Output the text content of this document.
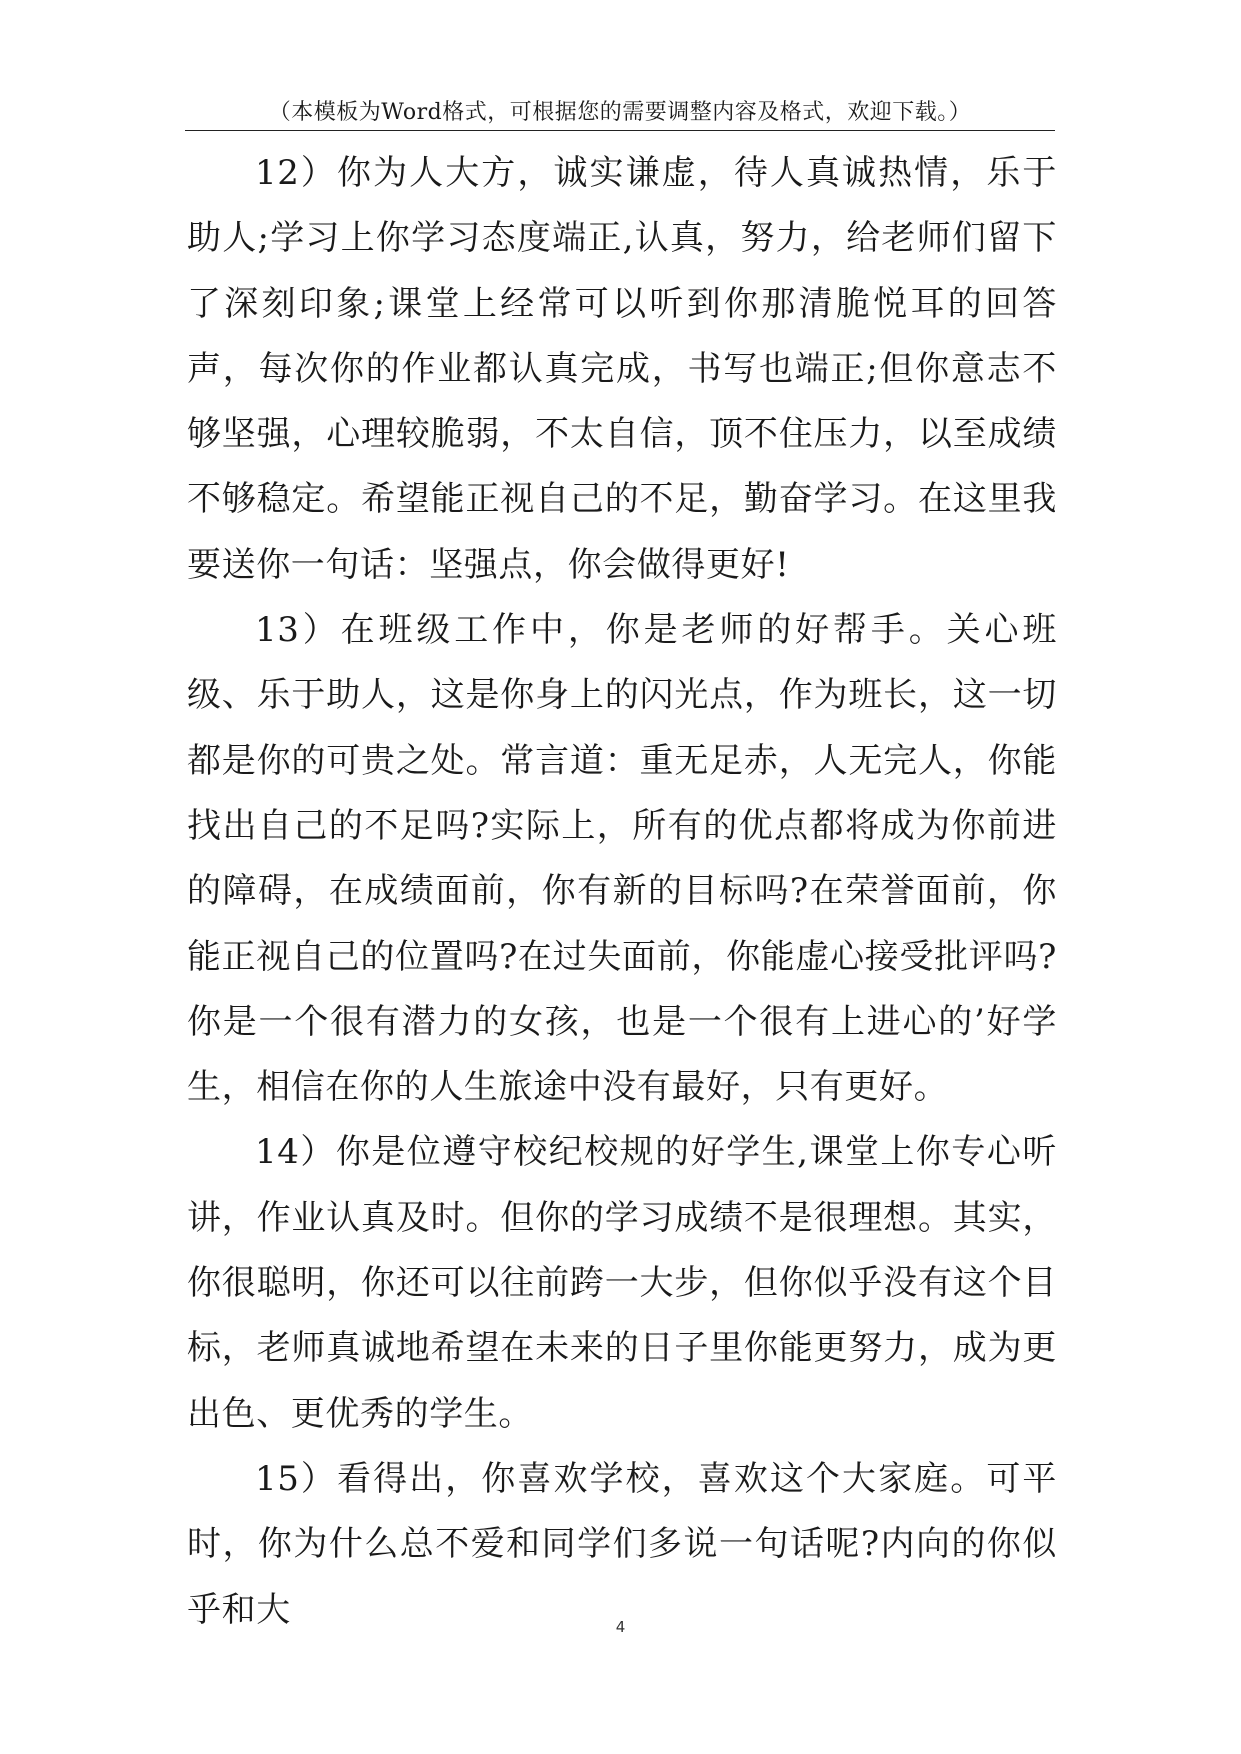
（本模板为Word格式，可根据您的需要调整内容及格式，欢迎下载。）

12）你为人大方，诚实谦虚，待人真诚热情，乐于助人;学习上你学习态度端正,认真，努力，给老师们留下了深刻印象;课堂上经常可以听到你那清脆悦耳的回答声，每次你的作业都认真完成，书写也端正;但你意志不够坚强，心理较脆弱，不太自信，顶不住压力，以至成绩不够稳定。希望能正视自己的不足，勤奋学习。在这里我要送你一句话：坚强点，你会做得更好!

13）在班级工作中，你是老师的好帮手。关心班级、乐于助人，这是你身上的闪光点，作为班长，这一切都是你的可贵之处。常言道：重无足赤，人无完人，你能找出自己的不足吗?实际上，所有的优点都将成为你前进的障碍，在成绩面前，你有新的目标吗?在荣誉面前，你能正视自己的位置吗?在过失面前，你能虚心接受批评吗?你是一个很有潜力的女孩，也是一个很有上进心的’好学生，相信在你的人生旅途中没有最好，只有更好。

14）你是位遵守校纪校规的好学生,课堂上你专心听讲，作业认真及时。但你的学习成绩不是很理想。其实，你很聪明，你还可以往前跨一大步，但你似乎没有这个目标，老师真诚地希望在未来的日子里你能更努力，成为更出色、更优秀的学生。

15）看得出，你喜欢学校，喜欢这个大家庭。可平时，你为什么总不爱和同学们多说一句话呢?内向的你似乎和大	4
